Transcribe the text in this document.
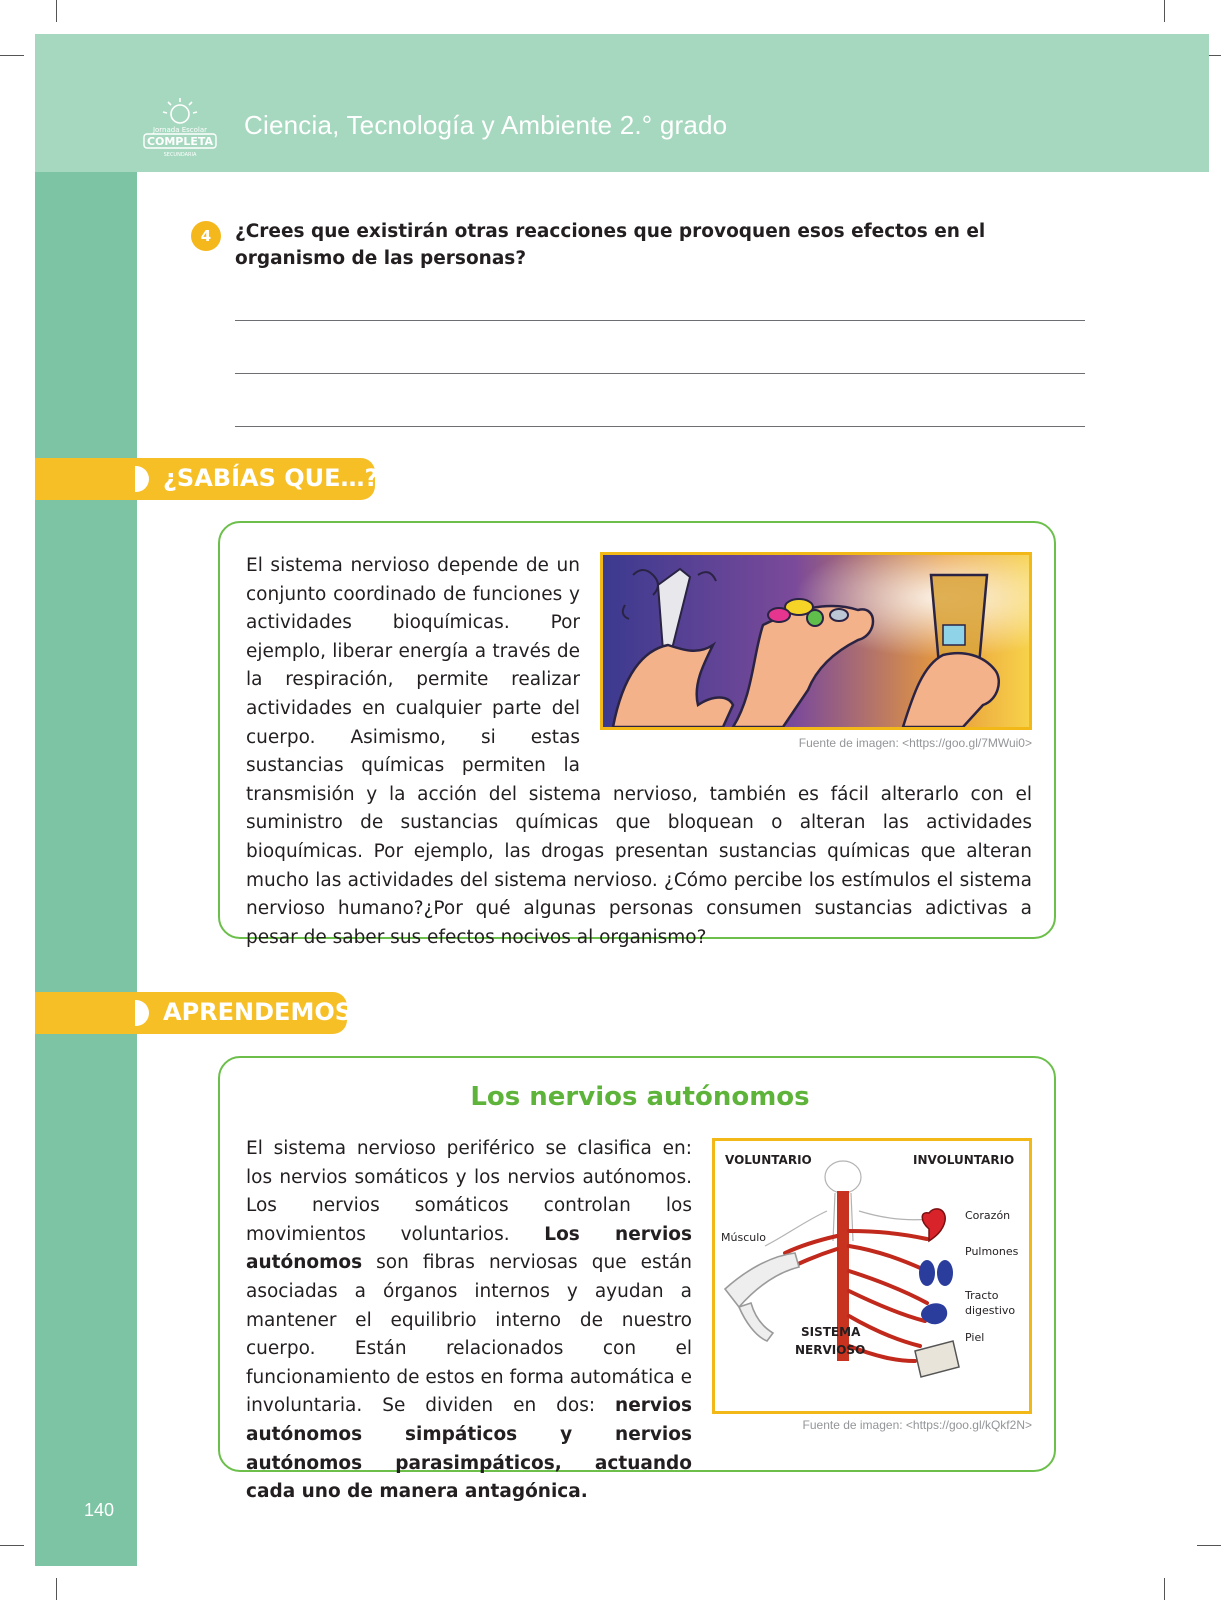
Jornada Escolar
COMPLETA
SECUNDARIA
Ciencia, Tecnología y Ambiente 2.° grado
140
4	¿Crees que existirán otras reacciones que provoquen esos efectos en el organismo de las personas?
¿SABÍAS QUE…?
Fuente de imagen: <https://goo.gl/7MWui0>
El sistema nervioso depende de un conjunto coordinado de funciones y actividades bioquímicas. Por ejemplo, liberar energía a través de la respiración, permite realizar actividades en cualquier parte del cuerpo. Asimismo, si estas sustancias químicas permiten la transmisión y la acción del sistema nervioso, también es fácil alterarlo con el suministro de sustancias químicas que bloquean o alteran las actividades bioquímicas. Por ejemplo, las drogas presentan sustancias químicas que alteran mucho las actividades del sistema nervioso. ¿Cómo percibe los estímulos el sistema nervioso humano?¿Por qué algunas personas consumen sustancias adictivas a pesar de saber sus efectos nocivos al organismo?
APRENDEMOS
Los nervios autónomos
El sistema nervioso periférico se clasifica en: los nervios somáticos y los nervios autónomos. Los nervios somáticos controlan los movimientos voluntarios. Los nervios autónomos son fibras nerviosas que están asociadas a órganos internos y ayudan a mantener el equilibrio interno de nuestro cuerpo. Están relacionados con el funcionamiento de estos en forma automática e involuntaria. Se dividen en dos: nervios autónomos simpáticos y nervios autónomos parasimpáticos, actuando cada uno de manera antagónica.
VOLUNTARIO	INVOLUNTARIO
Músculo
Corazón
Pulmones
Tracto
digestivo
Piel
SISTEMA
NERVIOSO
Fuente de imagen: <https://goo.gl/kQkf2N>
